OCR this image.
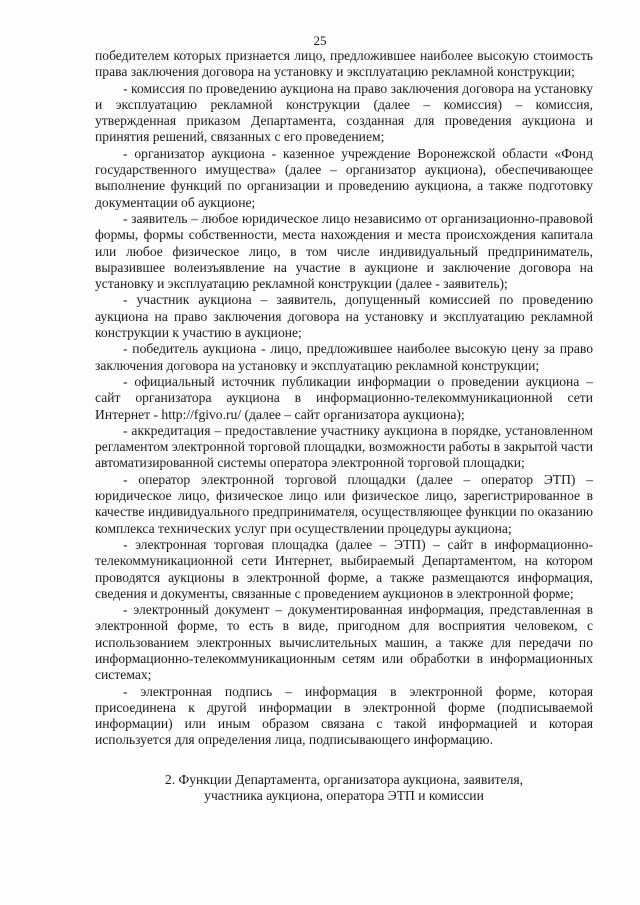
25

победителем которых признается лицо, предложившее наиболее высокую стоимость права заключения договора на установку и эксплуатацию рекламной конструкции;

- комиссия по проведению аукциона на право заключения договора на установку и эксплуатацию рекламной конструкции (далее – комиссия) – комиссия, утвержденная приказом Департамента, созданная для проведения аукциона и принятия решений, связанных с его проведением;

- организатор аукциона - казенное учреждение Воронежской области «Фонд государственного имущества» (далее – организатор аукциона), обеспечивающее выполнение функций по организации и проведению аукциона, а также подготовку документации об аукционе;

- заявитель – любое юридическое лицо независимо от организационно-правовой формы, формы собственности, места нахождения и места происхождения капитала или любое физическое лицо, в том числе индивидуальный предприниматель, выразившее волеизъявление на участие в аукционе и заключение договора на установку и эксплуатацию рекламной конструкции (далее - заявитель);

- участник аукциона – заявитель, допущенный комиссией по проведению аукциона на право заключения договора на установку и эксплуатацию рекламной конструкции к участию в аукционе;

- победитель аукциона - лицо, предложившее наиболее высокую цену за право заключения договора на установку и эксплуатацию рекламной конструкции;

- официальный источник публикации информации о проведении аукциона – сайт организатора аукциона в информационно-телекоммуникационной сети Интернет - http://fgivo.ru/ (далее – сайт организатора аукциона);

- аккредитация – предоставление участнику аукциона в порядке, установленном регламентом электронной торговой площадки, возможности работы в закрытой части автоматизированной системы оператора электронной торговой площадки;

- оператор электронной торговой площадки (далее – оператор ЭТП) – юридическое лицо, физическое лицо или физическое лицо, зарегистрированное в качестве индивидуального предпринимателя, осуществляющее функции по оказанию комплекса технических услуг при осуществлении процедуры аукциона;

- электронная торговая площадка (далее – ЭТП) – сайт в информационно-телекоммуникационной сети Интернет, выбираемый Департаментом, на котором проводятся аукционы в электронной форме, а также размещаются информация, сведения и документы, связанные с проведением аукционов в электронной форме;

- электронный документ – документированная информация, представленная в электронной форме, то есть в виде, пригодном для восприятия человеком, с использованием электронных вычислительных машин, а также для передачи по информационно-телекоммуникационным сетям или обработки в информационных системах;

- электронная подпись – информация в электронной форме, которая присоединена к другой информации в электронной форме (подписываемой информации) или иным образом связана с такой информацией и которая используется для определения лица, подписывающего информацию.

2. Функции Департамента, организатора аукциона, заявителя,
участника аукциона, оператора ЭТП и комиссии
